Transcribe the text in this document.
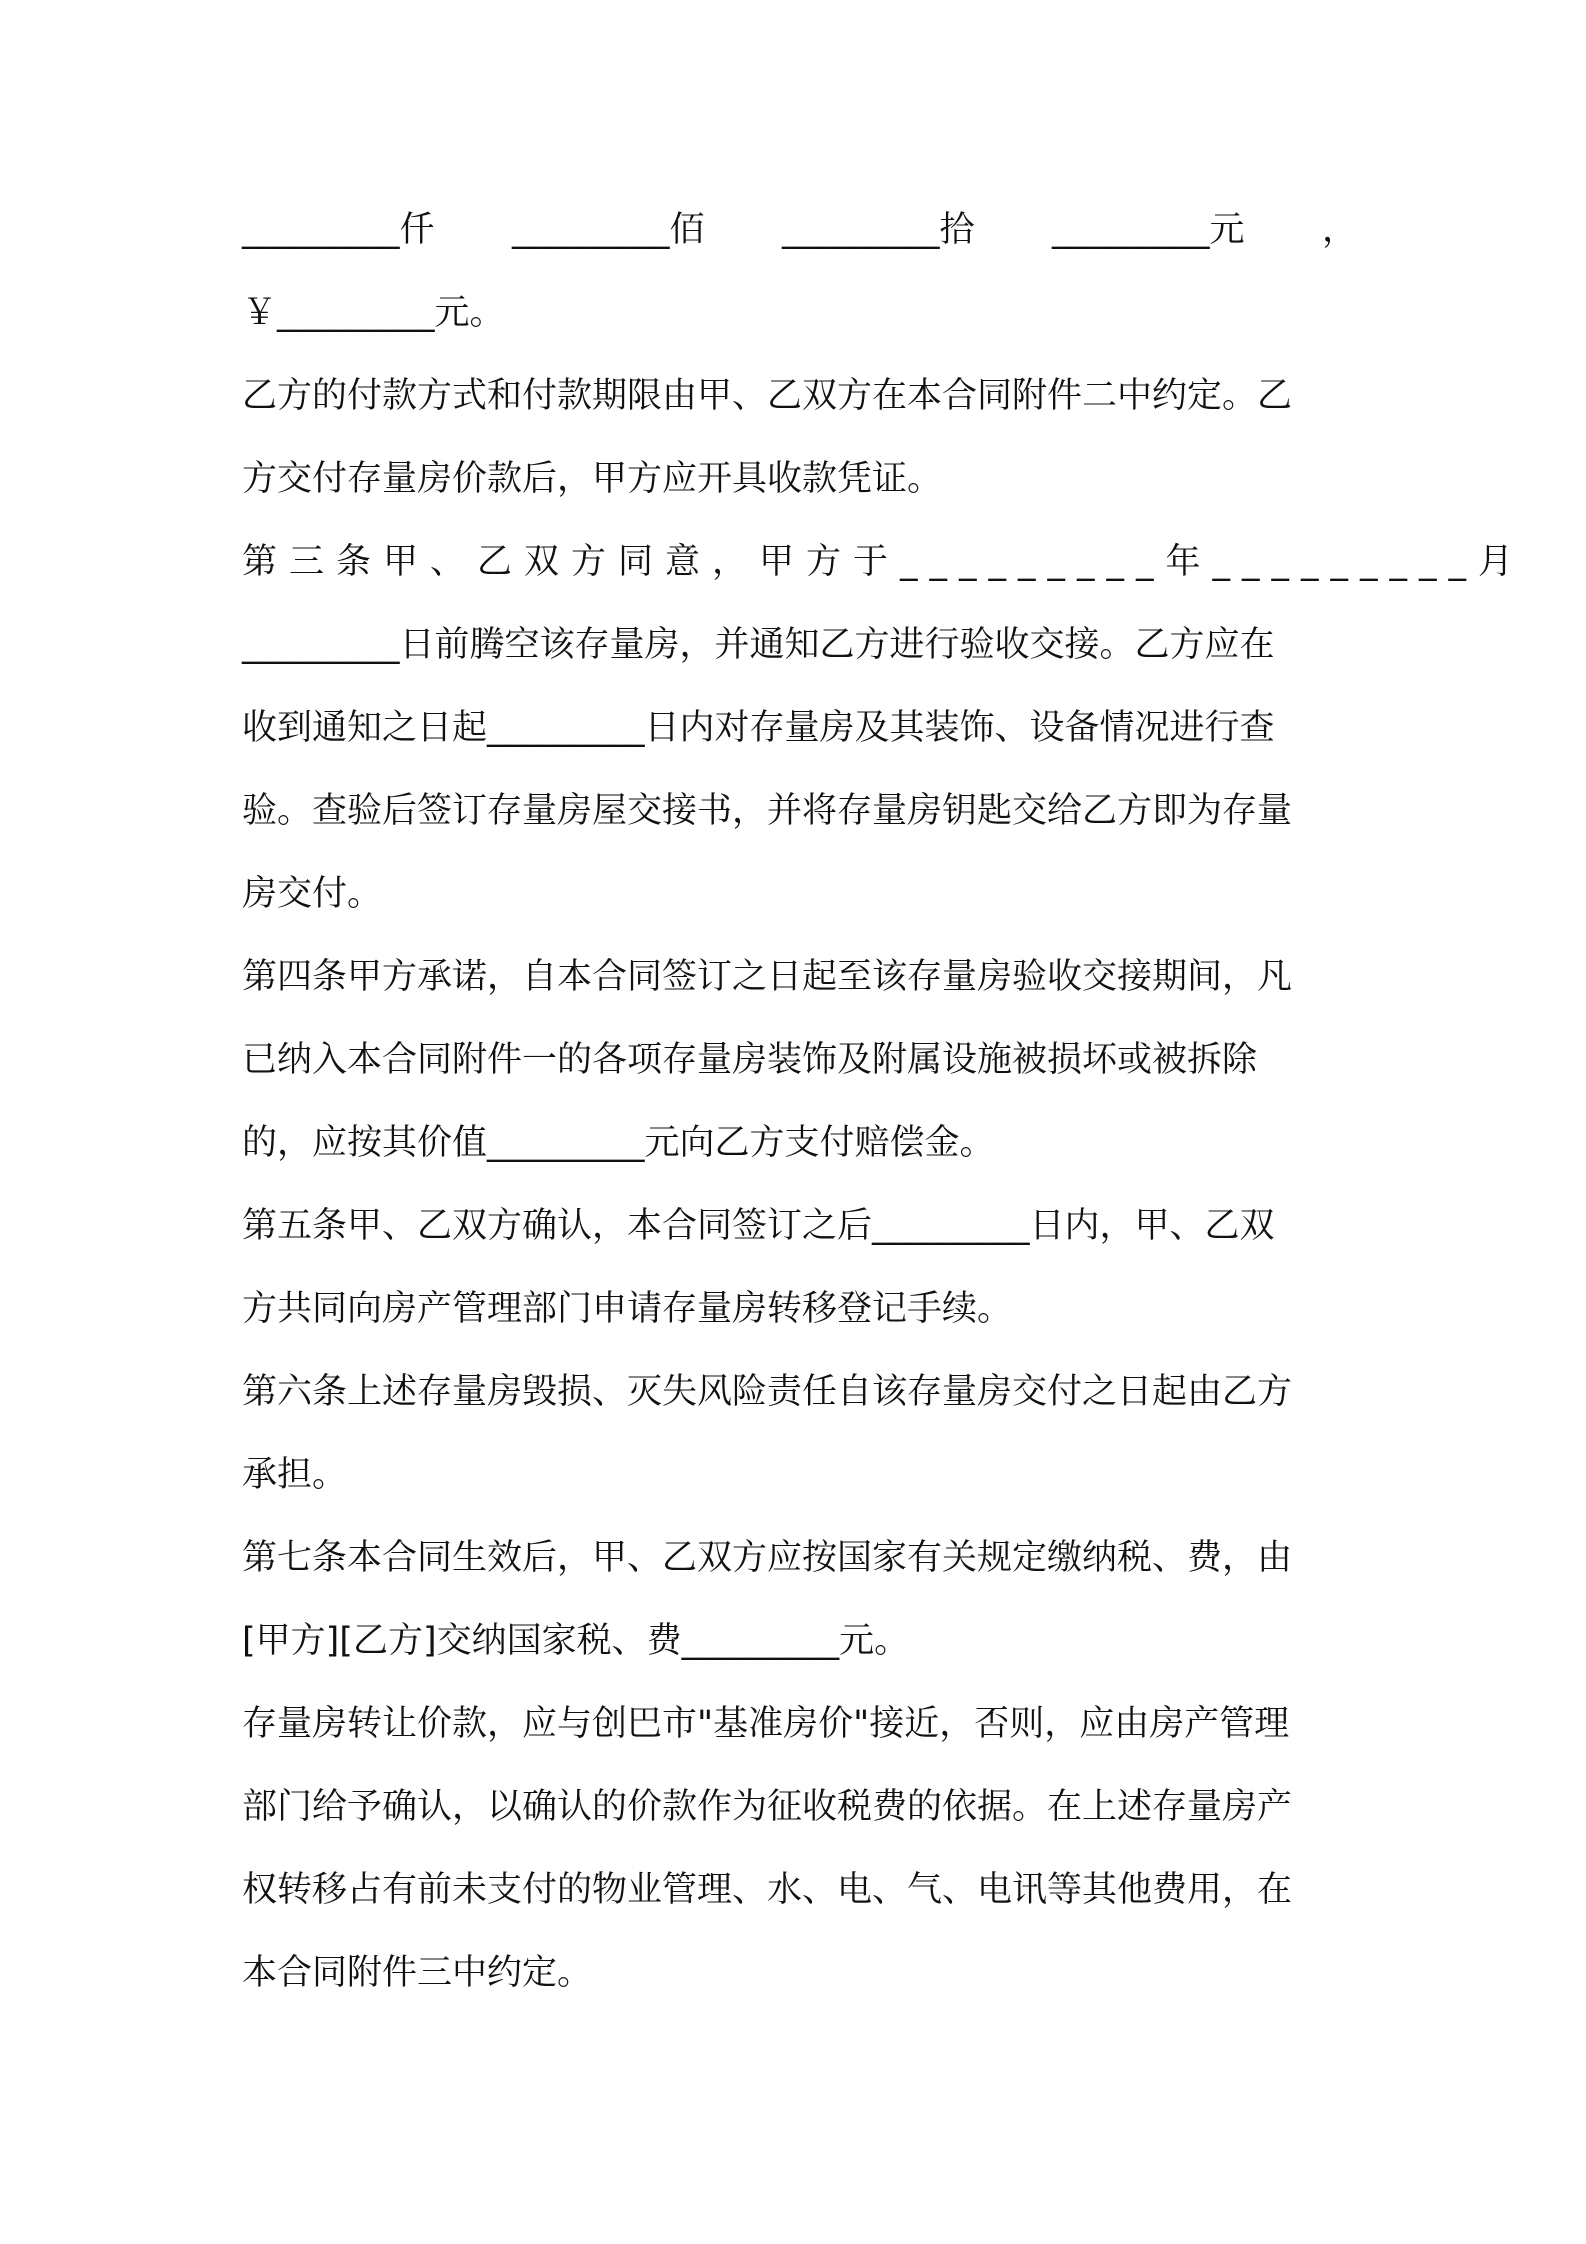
_________仟 _________佰 _________拾 _________元 ，
￥_________元。
乙方的付款方式和付款期限由甲、乙双方在本合同附件二中约定。乙
方交付存量房价款后，甲方应开具收款凭证。
第三条甲、乙双方同意，甲方于_________年_________月
_________日前腾空该存量房，并通知乙方进行验收交接。乙方应在
收到通知之日起_________日内对存量房及其装饰、设备情况进行查
验。查验后签订存量房屋交接书，并将存量房钥匙交给乙方即为存量
房交付。
第四条甲方承诺，自本合同签订之日起至该存量房验收交接期间，凡
已纳入本合同附件一的各项存量房装饰及附属设施被损坏或被拆除
的，应按其价值_________元向乙方支付赔偿金。
第五条甲、乙双方确认，本合同签订之后_________日内，甲、乙双
方共同向房产管理部门申请存量房转移登记手续。
第六条上述存量房毁损、灭失风险责任自该存量房交付之日起由乙方
承担。
第七条本合同生效后，甲、乙双方应按国家有关规定缴纳税、费，由
[甲方][乙方]交纳国家税、费_________元。
存量房转让价款，应与创巴市"基准房价"接近，否则，应由房产管理
部门给予确认，以确认的价款作为征收税费的依据。在上述存量房产
权转移占有前未支付的物业管理、水、电、气、电讯等其他费用，在
本合同附件三中约定。
